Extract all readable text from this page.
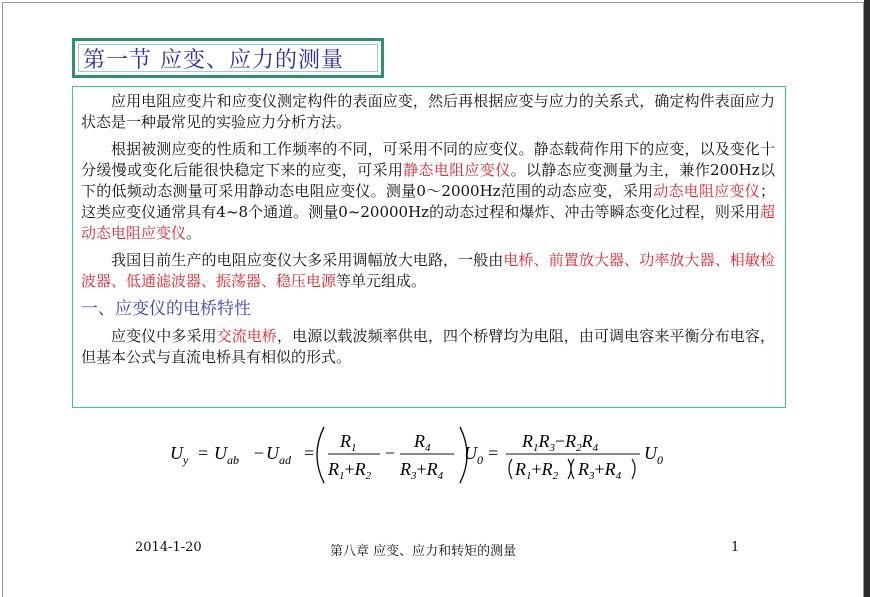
第一节 应变、应力的测量

应用电阻应变片和应变仪测定构件的表面应变，然后再根据应变与应力的关系式，确定构件表面应力状态是一种最常见的实验应力分析方法。

根据被测应变的性质和工作频率的不同，可采用不同的应变仪。静态载荷作用下的应变，以及变化十分缓慢或变化后能很快稳定下来的应变，可采用静态电阻应变仪。以静态应变测量为主，兼作200Hz以下的低频动态测量可采用静动态电阻应变仪。测量0～2000Hz范围的动态应变，采用动态电阻应变仪；这类应变仪通常具有4~8个通道。测量0~20000Hz的动态过程和爆炸、冲击等瞬态变化过程，则采用超动态电阻应变仪。

我国目前生产的电阻应变仪大多采用调幅放大电路，一般由电桥、前置放大器、功率放大器、相敏检波器、低通滤波器、振荡器、稳压电源等单元组成。

一、应变仪的电桥特性

应变仪中多采用交流电桥，电源以载波频率供电，四个桥臂均为电阻，由可调电容来平衡分布电容，但基本公式与直流电桥具有相似的形式。

$U_y = U_{ab} - U_{ad}$ =
$R_1$
$R_1+R_2$
−
$R_4$
$R_3+R_4$
$U_0$ =
$R_1R_3-R_2R_4$
$R_1+R_2$ $R_3+R_4$
$U_0$
2014-1-20	第八章 应变、应力和转矩的测量	1
